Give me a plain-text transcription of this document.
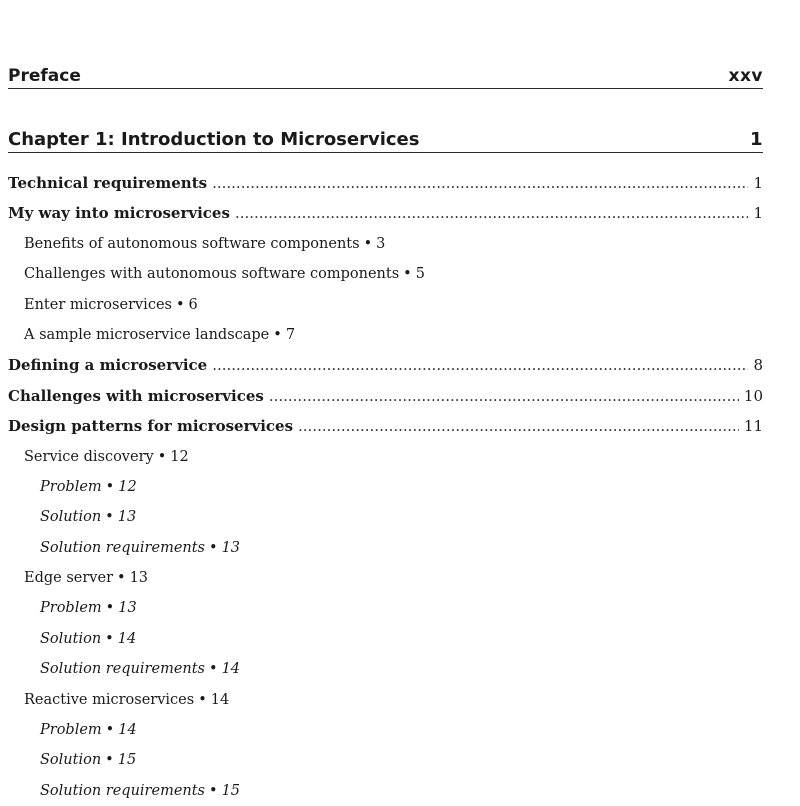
Preface	xxv
Chapter 1: Introduction to Microservices	1
Technical requirements .....	1
My way into microservices .....	1
Benefits of autonomous software components • 3
Challenges with autonomous software components • 5
Enter microservices • 6
A sample microservice landscape • 7
Defining a microservice .....	8
Challenges with microservices .....	10
Design patterns for microservices .....	11
Service discovery • 12
Problem • 12
Solution • 13
Solution requirements • 13
Edge server • 13
Problem • 13
Solution • 14
Solution requirements • 14
Reactive microservices • 14
Problem • 14
Solution • 15
Solution requirements • 15
